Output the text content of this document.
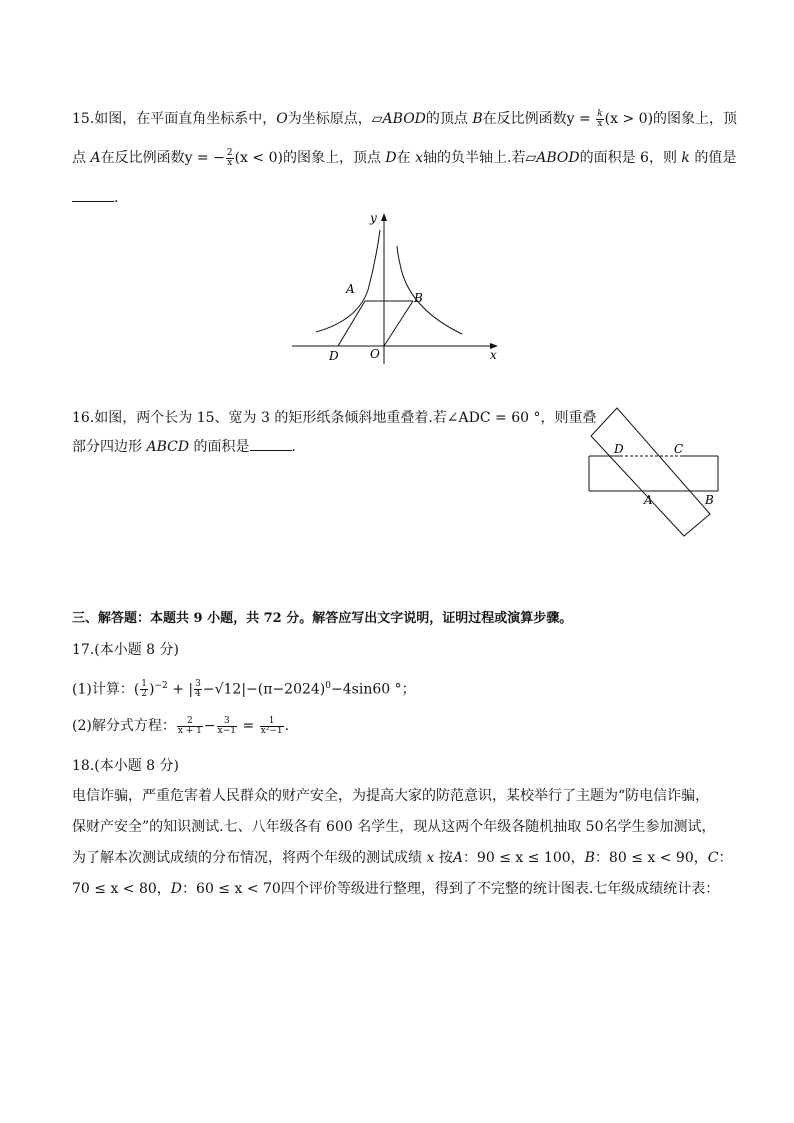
15.如图，在平面直角坐标系中，O为坐标原点，▱ABOD的顶点 B在反比例函数$y = \frac{k}{x} (x > 0)$的图象上，顶
点 A在反比例函数y = − $\frac{2}{x} (x < 0)$的图象上，顶点 D在 x轴的负半轴上.若▱ABOD的面积是 6，则 k 的值是
.
y
x
A
B
D	O
16.如图，两个长为 15、宽为 3 的矩形纸条倾斜地重叠着.若∠ADC = 60 °，则重叠
部分四边形 ABCD 的面积是	.	D	C
A	B
三、解答题：本题共 9 小题，共 72 分。解答应写出文字说明，证明过程或演算步骤。
17.(本小题 8 分)
(1)计算：( $\frac{1}{2} )^{-2}$ + | $\frac{3}{4} -√12|-(\pi-2024)^0-4\sin 60$ °；
(2)解分式方程： $\frac{2}{x + 1} - \frac{3}{x-1} = \frac{1}{\text{x²−1}}$ .
18.(本小题 8 分)
电信诈骗，严重危害着人民群众的财产安全，为提高大家的防范意识，某校举行了主题为“防电信诈骗，
保财产安全”的知识测试.七、八年级各有 600 名学生，现从这两个年级各随机抽取 50名学生参加测试，
为了解本次测试成绩的分布情况，将两个年级的测试成绩 x 按A：90 ≤ x ≤ 100，B：80 ≤ x < 90，C：
70 ≤ x < 80，D：60 ≤ x < 70四个评价等级进行整理，得到了不完整的统计图表.七年级成绩统计表：
